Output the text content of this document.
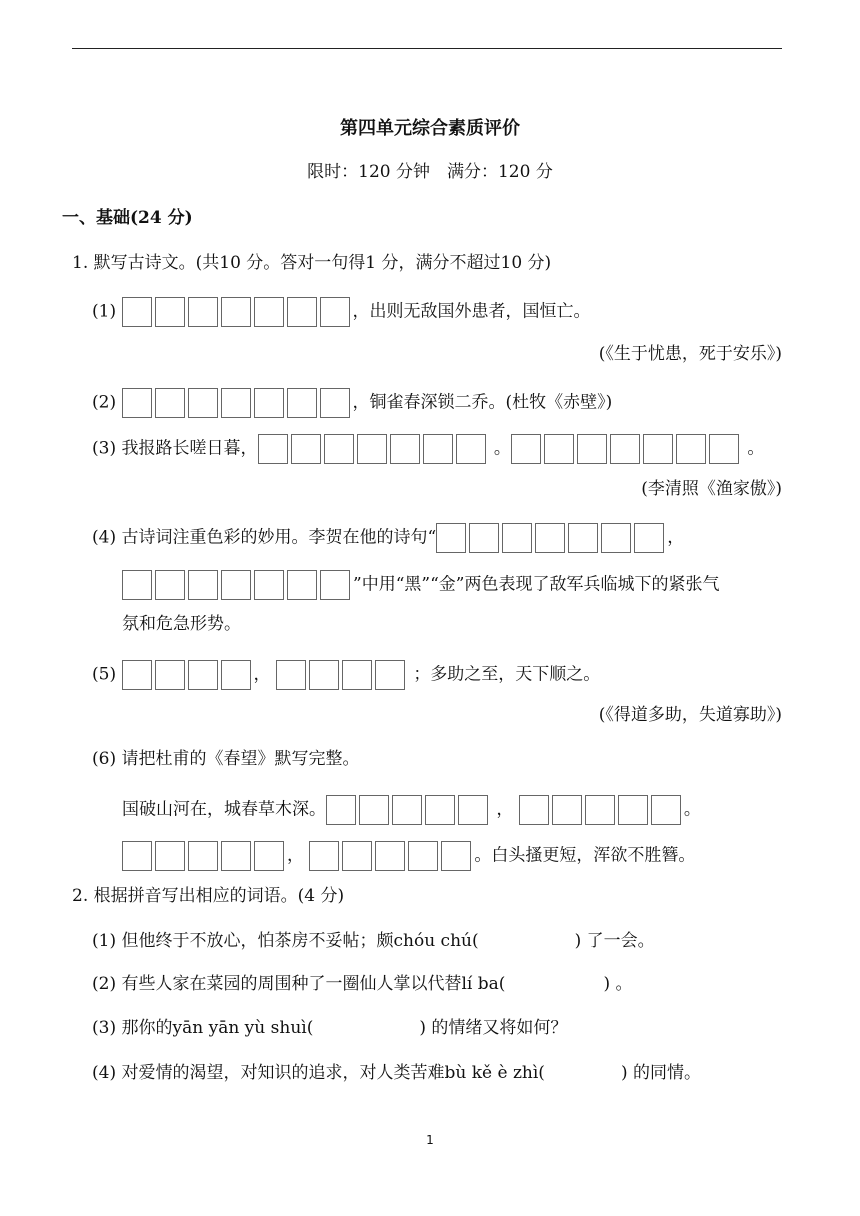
第四单元综合素质评价
限时：120 分钟　满分：120 分
一、基础(24 分)
1. 默写古诗文。(共10 分。答对一句得1 分，满分不超过10 分)
(1)	，出则无敌国外患者，国恒亡。
(《生于忧患，死于安乐》)
(2)	，铜雀春深锁二乔。(杜牧《赤壁》)
(3) 我报路长嗟日暮，	。	。
(李清照《渔家傲》)
(4) 古诗词注重色彩的妙用。李贺在他的诗句“	，
”中用“黑”“金”两色表现了敌军兵临城下的紧张气
氛和危急形势。
(5)	，	；多助之至，天下顺之。
(《得道多助，失道寡助》)
(6) 请把杜甫的《春望》默写完整。
国破山河在，城春草木深。	，	。
，	。白头搔更短，浑欲不胜簪。
2. 根据拼音写出相应的词语。(4 分)
(1) 但他终于不放心，怕茶房不妥帖；颇chóu chú(	) 了一会。
(2) 有些人家在菜园的周围种了一圈仙人掌以代替lí ba(	) 。
(3) 那你的yān yān yù shuì(	) 的情绪又将如何？
(4) 对爱情的渴望，对知识的追求，对人类苦难bù kě è zhì(	) 的同情。
1
